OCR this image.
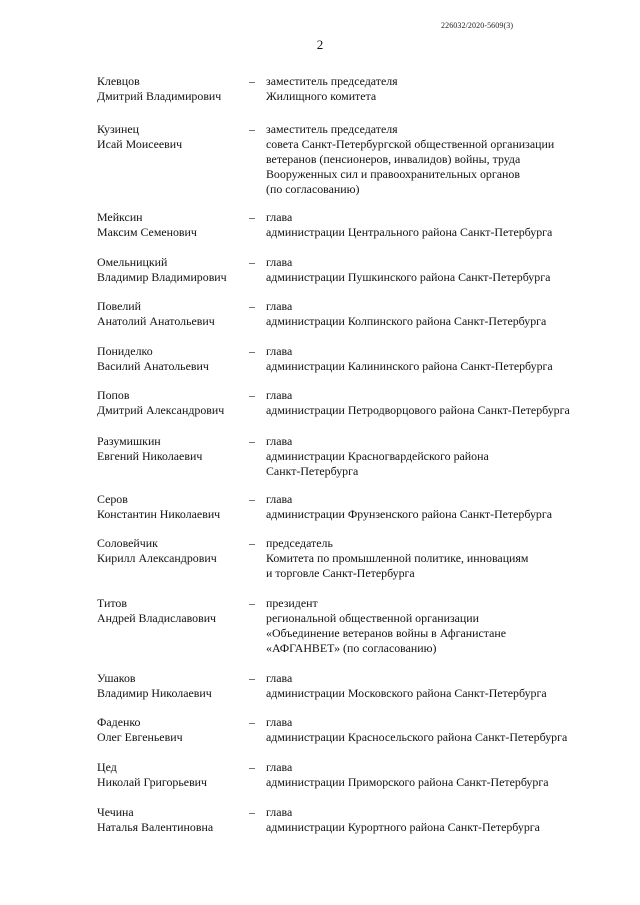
226032/2020-5609(3)
2
Клевцов
Дмитрий Владимирович
– заместитель председателя
Жилищного комитета
Кузинец
Исай Моисеевич
– заместитель председателя
совета Санкт-Петербургской общественной организации
ветеранов (пенсионеров, инвалидов) войны, труда
Вооруженных сил и правоохранительных органов
(по согласованию)
Мейксин
Максим Семенович
– глава
администрации Центрального района Санкт-Петербурга
Омельницкий
Владимир Владимирович
– глава
администрации Пушкинского района Санкт-Петербурга
Повелий
Анатолий Анатольевич
– глава
администрации Колпинского района Санкт-Петербурга
Пониделко
Василий Анатольевич
– глава
администрации Калининского района Санкт-Петербурга
Попов
Дмитрий Александрович
– глава
администрации Петродворцового района Санкт-Петербурга
Разумишкин
Евгений Николаевич
– глава
администрации Красногвардейского района
Санкт-Петербурга
Серов
Константин Николаевич
– глава
администрации Фрунзенского района Санкт-Петербурга
Соловейчик
Кирилл Александрович
– председатель
Комитета по промышленной политике, инновациям
и торговле Санкт-Петербурга
Титов
Андрей Владиславович
– президент
региональной общественной организации
«Объединение ветеранов войны в Афганистане
«АФГАНВЕТ» (по согласованию)
Ушаков
Владимир Николаевич
– глава
администрации Московского района Санкт-Петербурга
Фаденко
Олег Евгеньевич
– глава
администрации Красносельского района Санкт-Петербурга
Цед
Николай Григорьевич
– глава
администрации Приморского района Санкт-Петербурга
Чечина
Наталья Валентиновна
– глава
администрации Курортного района Санкт-Петербурга
